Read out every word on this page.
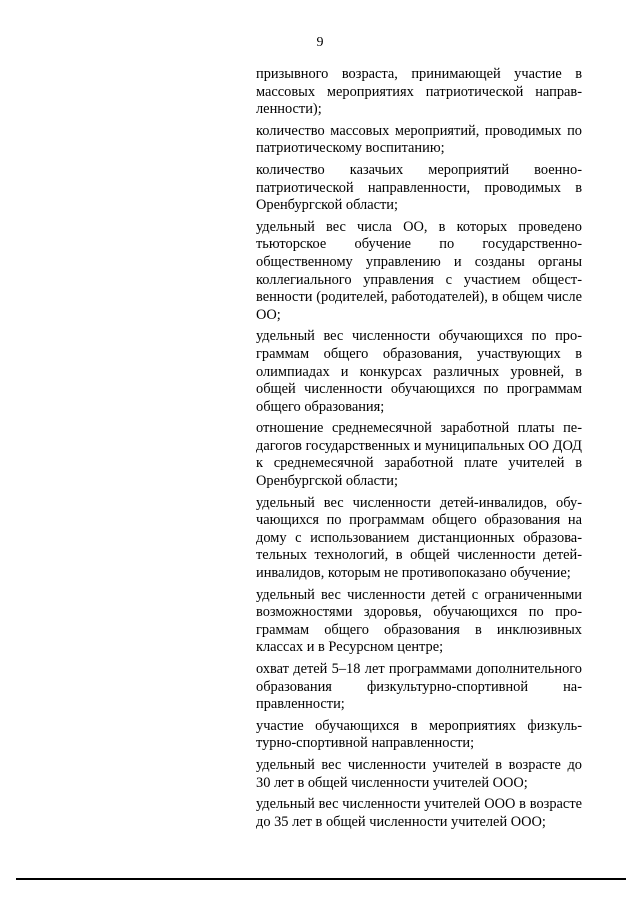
9

призывного возраста, принимающей участие в массовых мероприятиях патриотической направленности);

количество массовых мероприятий, проводимых по патриотическому воспитанию;

количество казачьих мероприятий военно-патриотической направленности, проводимых в Оренбургской области;

удельный вес числа ОО, в которых проведено тьюторское обучение по государственно-общественному управлению и созданы органы коллегиального управления с участием общественности (родителей, работодателей), в общем числе ОО;

удельный вес численности обучающихся по программам общего образования, участвующих в олимпиадах и конкурсах различных уровней, в общей численности обучающихся по программам общего образования;

отношение среднемесячной заработной платы педагогов государственных и муниципальных ОО ДОД к среднемесячной заработной плате учителей в Оренбургской области;

удельный вес численности детей-инвалидов, обучающихся по программам общего образования на дому с использованием дистанционных образовательных технологий, в общей численности детей-инвалидов, которым не противопоказано обучение;

удельный вес численности детей с ограниченными возможностями здоровья, обучающихся по программам общего образования в инклюзивных классах и в Ресурсном центре;

охват детей 5–18 лет программами дополнительного образования физкультурно-спортивной направленности;

участие обучающихся в мероприятиях физкультурно-спортивной направленности;

удельный вес численности учителей в возрасте до 30 лет в общей численности учителей ООО;

удельный вес численности учителей ООО в возрасте до 35 лет в общей численности учителей ООО;
